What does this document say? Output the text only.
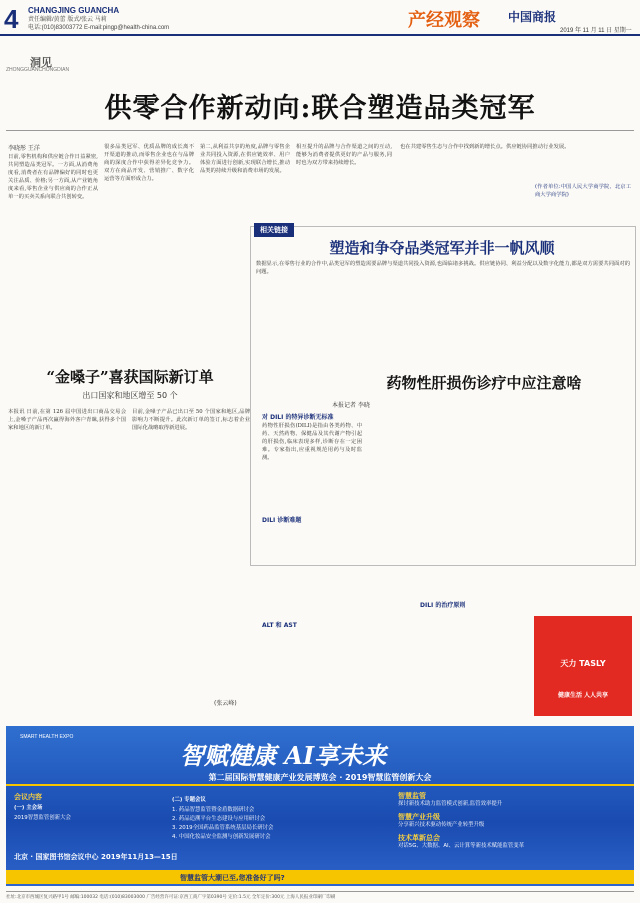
4 CHANGJING GUANCHA
责任编辑/黄蕾 版式/张云 马莉
电话:(010)83003772 E-mail:pingp@health-china.com	产经观察 中国商报
2019 年 11 月 11 日 星期一
洞见
ZHONGGUANCHONGDIAN
供零合作新动向:联合塑造品类冠军
李晓彤 王洋
日前,零售机构和供应链合作日益紧密,共同塑造品类冠军。一方面,从消费角度看,消费者在有品牌偏好的同时也更关注品质、价格;另一方面,从产业链角度来看,零售企业与供应商的合作正从单一的买卖关系向联合共创转变。
很多品类冠军、优质品牌的成长离不开渠道的推动,而零售企业也在与品牌商的深度合作中获得差异化竞争力。双方在商品开发、营销推广、数字化运营等方面形成合力。
第二,从利益共享的角度,品牌与零售企业共同投入资源,在供应链效率、用户体验方面进行创新,实现联合增长,推动品类的持续升级和消费市场的发展。
相互提升的品牌与合作渠道之间的互动,能够为消费者提供更好的产品与服务,同时也为双方带来持续增长。
也在共建零售生态与合作中找到新的增长点。供应链协同推动行业发展。
(作者单位:中国人民大学商学院、北京工商大学商学院)
相关链接
塑造和争夺品类冠军并非一帆风顺
数据显示,在零售行业的合作中,品类冠军的塑造需要品牌与渠道共同投入资源,也面临诸多挑战。供应链协同、利益分配以及数字化能力,都是双方需要共同面对的问题。
“金嗓子”喜获国际新订单
出口国家和地区增至 50 个
本报讯 日前,在第 126 届中国进出口商品交易会上,金嗓子产品再次赢得海外客户青睐,获得多个国家和地区的新订单。
目前,金嗓子产品已出口至 50 个国家和地区,品牌影响力不断提升。此次新订单的签订,标志着企业国际化战略取得新进展。
(张云峰)
药物性肝损伤诊疗中应注意啥
本报记者 李晓
对 DILI 的特异诊断无标准
药物性肝损伤(DILI)是指由各类药物、中药、天然药物、保健品及其代谢产物引起的肝损伤,临床表现多样,诊断存在一定困难。专家指出,应重视规范用药与及时监测。
DILI 诊断难题
ALT 和 AST
DILI 的治疗原则
天力 TASLY
健康生活 人人共享
SMART HEALTH EXPO
智赋健康 AI享未来
第二届国际智慧健康产业发展博览会 · 2019智慧监管创新大会
会议内容
(一) 主会场
2019智慧监管创新大会
(二) 专题会议
1. 药品智慧监管暨金盾数据研讨会
2. 药品追溯平台生态建设与应用研讨会
3. 2019全国药品监管系统基层局长研讨会
4. 中国化妆品安全监测与创新发展研讨会
智慧监管
探讨新技术助力监管模式创新,监管效率提升
智慧产业升级
分享新兴技术驱动传统产业转型升级
技术革新总会
对话5G、大数据、AI、云计算等新技术赋能监管变革
北京 · 国家图书馆会议中心 2019年11月13—15日
智慧监管大潮已至,您准备好了吗?
社址:北京市西城区复兴路甲1号 邮编:100032 电话:(010)83003000 广告经营许可证:京西工商广字第0390号 定价:1.5元 全年定价:300元 上海人民报业印刷厂印刷
